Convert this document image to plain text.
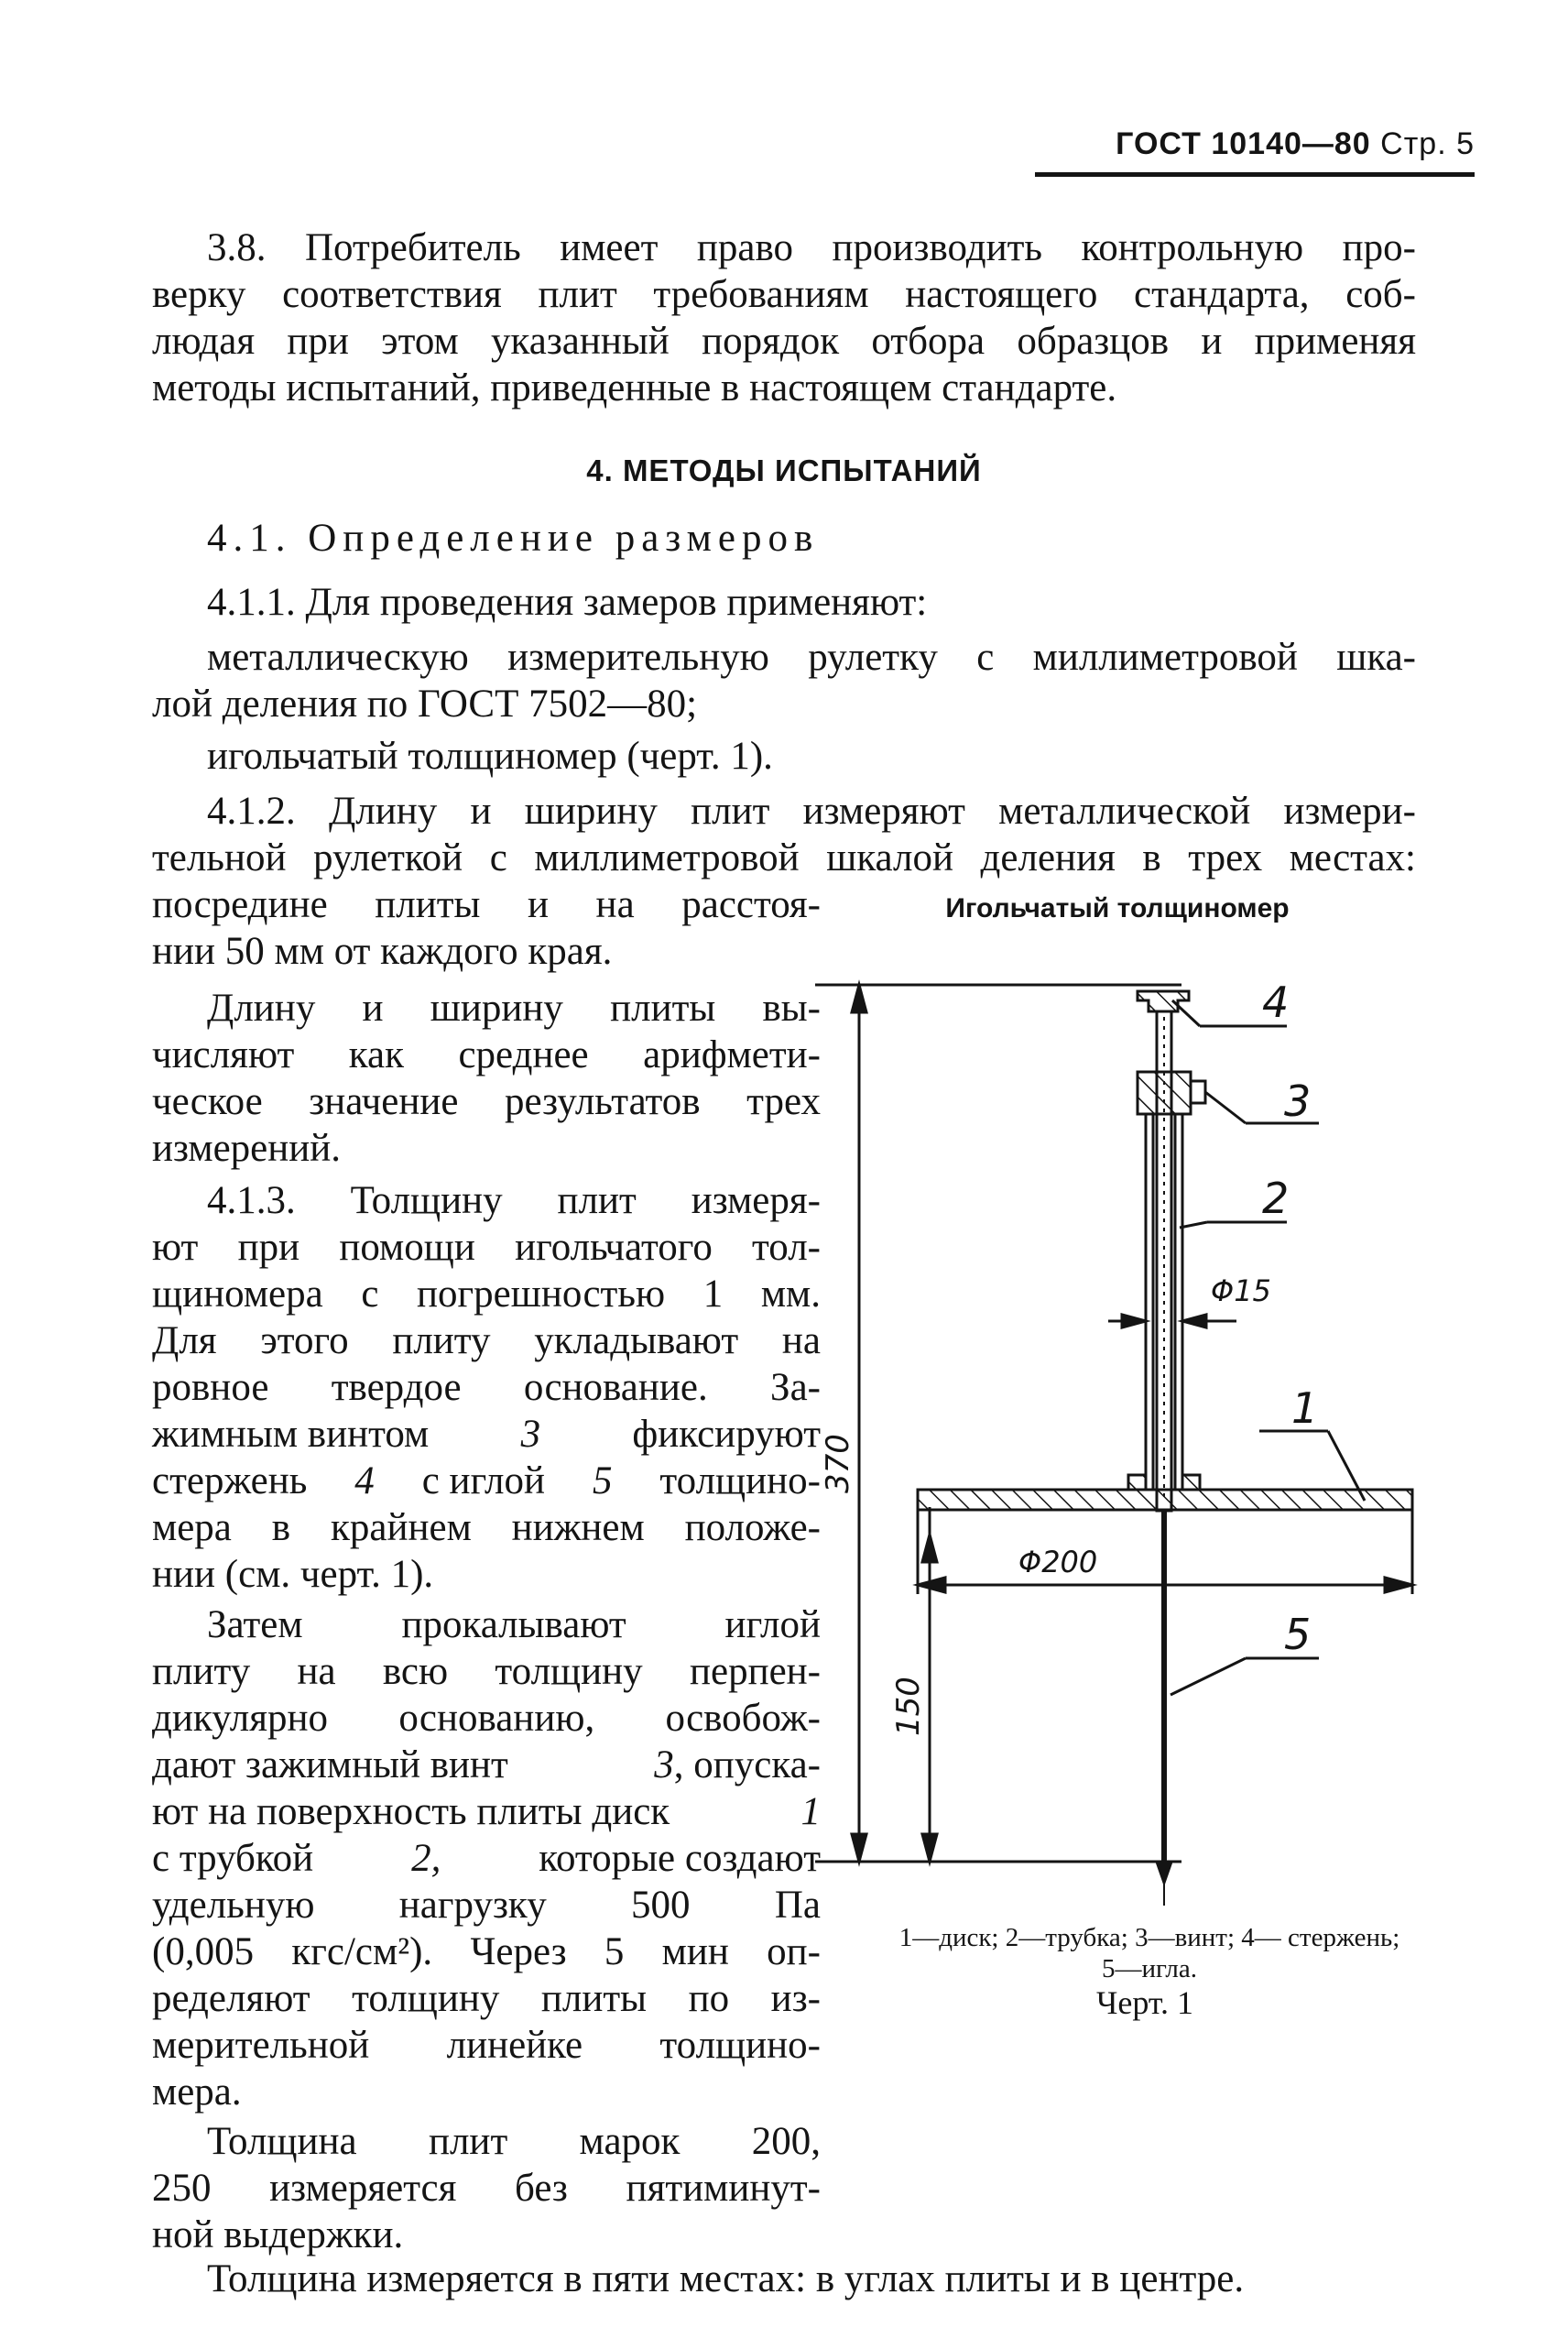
ГОСТ 10140—80 Стр. 5
3.8. Потребитель имеет право производить контрольную про-
верку соответствия плит требованиям настоящего стандарта, соб-
людая при этом указанный порядок отбора образцов и применяя
методы испытаний, приведенные в настоящем стандарте.
4. МЕТОДЫ ИСПЫТАНИЙ
4.1. Определение размеров
4.1.1. Для проведения замеров применяют:
металлическую измерительную рулетку с миллиметровой шка-
лой деления по ГОСТ 7502—80;
игольчатый толщиномер (черт. 1).
4.1.2. Длину и ширину плит измеряют металлической измери-
тельной рулеткой с миллиметровой шкалой деления в трех местах:
посредине плиты и на расстоя-
нии 50 мм от каждого края.
Длину и ширину плиты вы-
числяют как среднее арифмети-
ческое значение результатов трех
измерений.
4.1.3. Толщину плит измеря-
ют при помощи игольчатого тол-
щиномера с погрешностью 1 мм.
Для этого плиту укладывают на
ровное твердое основание. За-
жимным винтом 3 фиксируют
стержень 4 с иглой 5 толщино-
мера в крайнем нижнем положе-
нии (см. черт. 1).
Затем прокалывают иглой
плиту на всю толщину перпен-
дикулярно основанию, освобож-
дают зажимный винт	3, опуска-
ют на поверхность плиты диск	1
с трубкой 2, которые создают
удельную нагрузку 500 Па
(0,005 кгс/см²). Через 5 мин оп-
ределяют толщину плиты по из-
мерительной линейке толщино-
мера.
Толщина плит марок 200,
250 измеряется без пятиминут-
ной выдержки.
Толщина измеряется в пяти местах: в углах плиты и в центре.
Игольчатый толщиномер
4
3
2
1
5
Φ15
Φ200
370
150
1—диск; 2—трубка; 3—винт; 4— стержень;
5—игла.
Черт. 1
